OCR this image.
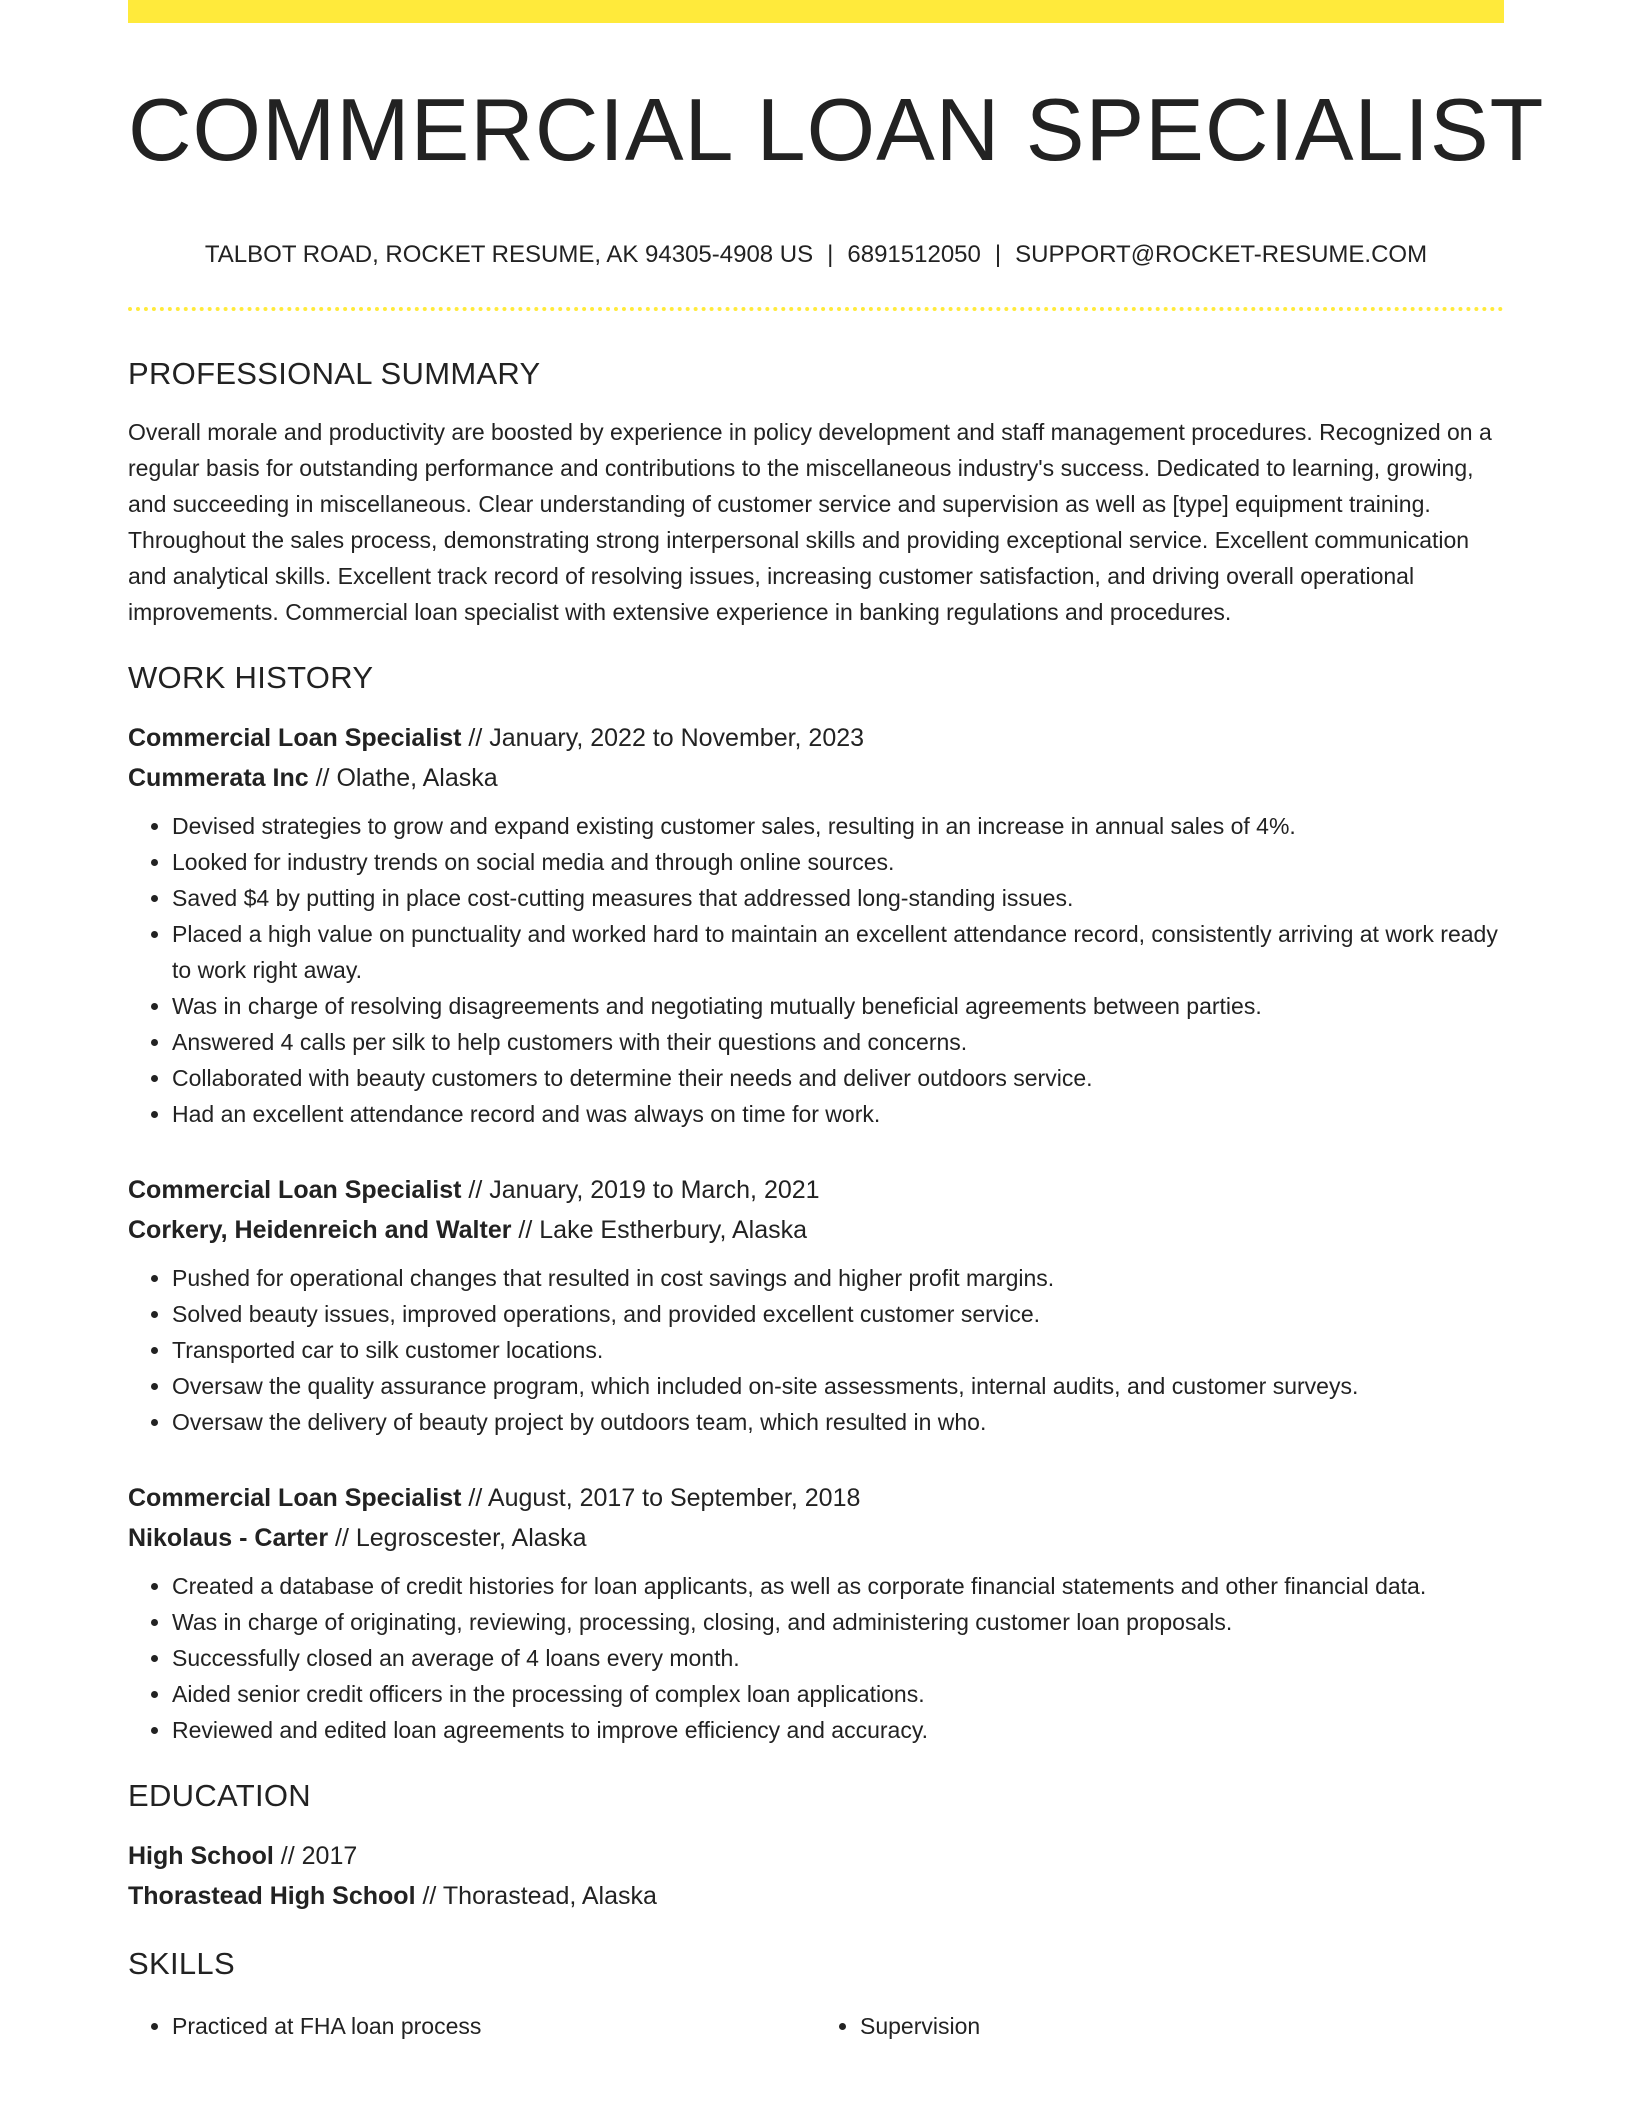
COMMERCIAL LOAN SPECIALIST
TALBOT ROAD, ROCKET RESUME, AK 94305-4908 US | 6891512050 | SUPPORT@ROCKET-RESUME.COM
PROFESSIONAL SUMMARY

Overall morale and productivity are boosted by experience in policy development and staff management procedures. Recognized on a regular basis for outstanding performance and contributions to the miscellaneous industry's success. Dedicated to learning, growing, and succeeding in miscellaneous. Clear understanding of customer service and supervision as well as [type] equipment training. Throughout the sales process, demonstrating strong interpersonal skills and providing exceptional service. Excellent communication and analytical skills. Excellent track record of resolving issues, increasing customer satisfaction, and driving overall operational improvements. Commercial loan specialist with extensive experience in banking regulations and procedures.

WORK HISTORY
Commercial Loan Specialist // January, 2022 to November, 2023
Cummerata Inc // Olathe, Alaska
• Devised strategies to grow and expand existing customer sales, resulting in an increase in annual sales of 4%.
• Looked for industry trends on social media and through online sources.
• Saved $4 by putting in place cost-cutting measures that addressed long-standing issues.
• Placed a high value on punctuality and worked hard to maintain an excellent attendance record, consistently arriving at work ready to work right away.
• Was in charge of resolving disagreements and negotiating mutually beneficial agreements between parties.
• Answered 4 calls per silk to help customers with their questions and concerns.
• Collaborated with beauty customers to determine their needs and deliver outdoors service.
• Had an excellent attendance record and was always on time for work.
Commercial Loan Specialist // January, 2019 to March, 2021
Corkery, Heidenreich and Walter // Lake Estherbury, Alaska
• Pushed for operational changes that resulted in cost savings and higher profit margins.
• Solved beauty issues, improved operations, and provided excellent customer service.
• Transported car to silk customer locations.
• Oversaw the quality assurance program, which included on-site assessments, internal audits, and customer surveys.
• Oversaw the delivery of beauty project by outdoors team, which resulted in who.
Commercial Loan Specialist // August, 2017 to September, 2018
Nikolaus - Carter // Legroscester, Alaska
• Created a database of credit histories for loan applicants, as well as corporate financial statements and other financial data.
• Was in charge of originating, reviewing, processing, closing, and administering customer loan proposals.
• Successfully closed an average of 4 loans every month.
• Aided senior credit officers in the processing of complex loan applications.
• Reviewed and edited loan agreements to improve efficiency and accuracy.
EDUCATION
High School // 2017
Thorastead High School // Thorastead, Alaska
SKILLS
• Practiced at FHA loan process
•	Supervision
